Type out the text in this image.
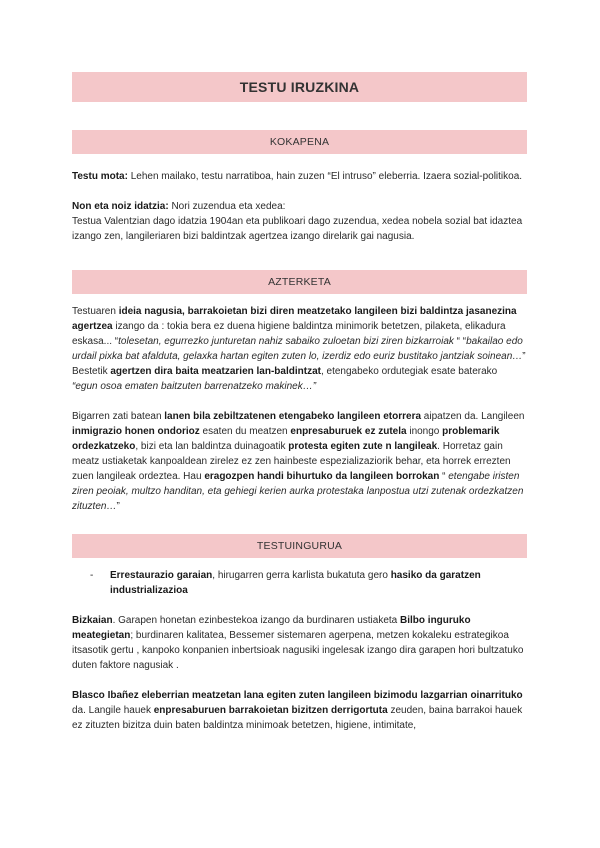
TESTU IRUZKINA
KOKAPENA

Testu mota: Lehen mailako, testu narratiboa, hain zuzen “El intruso” eleberria. Izaera sozial-politikoa.

Non eta noiz idatzia: Nori zuzendua eta xedea:

Testua Valentzian dago idatzia 1904an eta publikoari dago zuzendua, xedea nobela sozial bat idaztea izango zen, langileriaren bizi baldintzak agertzea izango direlarik gai nagusia.

AZTERKETA

Testuaren ideia nagusia, barrakoietan bizi diren meatzetako langileen bizi baldintza jasanezina agertzea izango da : tokia bera ez duena higiene baldintza minimorik betetzen, pilaketa, elikadura eskasa... “tolesetan, egurrezko junturetan nahiz sabaiko zuloetan bizi ziren bizkarroiak “ “bakailao edo urdail pixka bat afalduta, gelaxka hartan egiten zuten lo, izerdiz edo euriz bustitako jantziak soinean…”

Bestetik agertzen dira baita meatzarien lan-baldintzat, etengabeko ordutegiak esate baterako
“egun osoa ematen baitzuten barrenatzeko makinek…”

Bigarren zati batean lanen bila zebiltzatenen etengabeko langileen etorrera aipatzen da. Langileen inmigrazio honen ondorioz esaten du meatzen enpresaburuek ez zutela inongo problemarik ordezkatzeko, bizi eta lan baldintza duinagoatik protesta egiten zute n langileak. Horretaz gain meatz ustiaketak kanpoaldean zirelez ez zen hainbeste espezializaziorik behar, eta horrek errezten zuen langileak ordeztea. Hau eragozpen handi bihurtuko da langileen borrokan “ etengabe iristen ziren peoiak, multzo handitan, eta gehiegi kerien aurka protestaka lanpostua utzi zutenak ordezkatzen zituzten…”

TESTUINGURUA
-	Errestaurazio garaian, hirugarren gerra karlista bukatuta gero hasiko da garatzen industrializazioa

Bizkaian. Garapen honetan ezinbestekoa izango da burdinaren ustiaketa Bilbo inguruko meategietan; burdinaren kalitatea, Bessemer sistemaren agerpena, metzen kokaleku estrategikoa itsasotik gertu , kanpoko konpanien inbertsioak nagusiki ingelesak izango dira garapen hori bultzatuko duten faktore nagusiak .

Blasco Ibañez eleberrian meatzetan lana egiten zuten langileen bizimodu lazgarrian oinarrituko da. Langile hauek enpresaburuen barrakoietan bizitzen derrigortuta zeuden, baina barrakoi hauek ez zituzten bizitza duin baten baldintza minimoak betetzen, higiene, intimitate,
